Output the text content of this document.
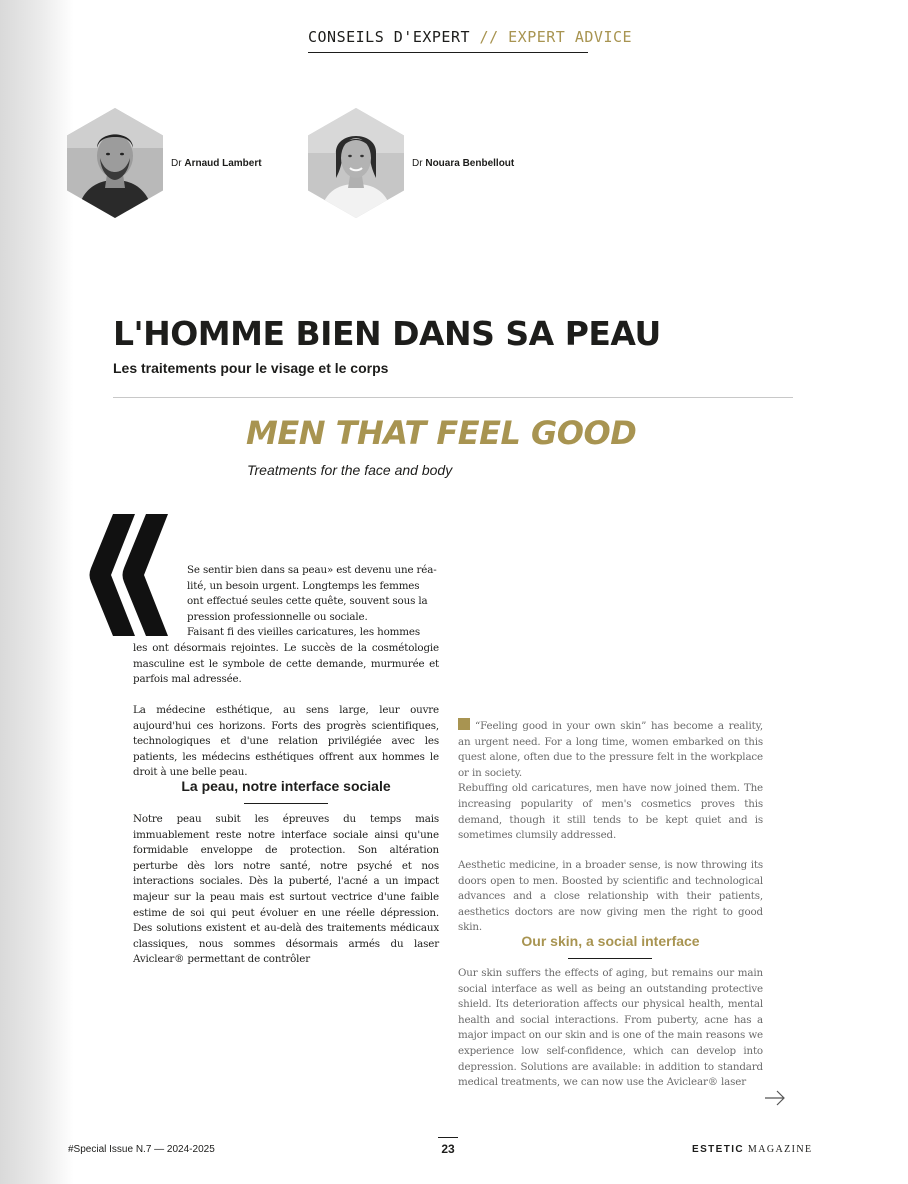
CONSEILS D'EXPERT // EXPERT ADVICE
Dr Arnaud Lambert	Dr Nouara Benbellout
L'HOMME BIEN DANS SA PEAU
Les traitements pour le visage et le corps
MEN THAT FEEL GOOD
Treatments for the face and body
Se sentir bien dans sa peau» est devenu une réa-
lité, un besoin urgent. Longtemps les femmes
ont effectué seules cette quête, souvent sous la
pression professionnelle ou sociale.
Faisant fi des vieilles caricatures, les hommes

les ont désormais rejointes. Le succès de la cosmétologie masculine est le symbole de cette demande, murmurée et parfois mal adressée.

La médecine esthétique, au sens large, leur ouvre aujourd'hui ces horizons. Forts des progrès scientifiques, technologiques et d'une relation privilégiée avec les patients, les médecins esthétiques offrent aux hommes le droit à une belle peau.

La peau, notre interface sociale

Notre peau subit les épreuves du temps mais immuablement reste notre interface sociale ainsi qu'une formidable enveloppe de protection. Son altération perturbe dès lors notre santé, notre psyché et nos interactions sociales. Dès la puberté, l'acné a un impact majeur sur la peau mais est surtout vectrice d'une faible estime de soi qui peut évoluer en une réelle dépression. Des solutions existent et au-delà des traitements médicaux classiques, nous sommes désormais armés du laser Aviclear® permettant de contrôler

“Feeling good in your own skin” has become a reality, an urgent need. For a long time, women embarked on this quest alone, often due to the pressure felt in the workplace or in society.

Rebuffing old caricatures, men have now joined them. The increasing popularity of men's cosmetics proves this demand, though it still tends to be kept quiet and is sometimes clumsily addressed.

Aesthetic medicine, in a broader sense, is now throwing its doors open to men. Boosted by scientific and technological advances and a close relationship with their patients, aesthetics doctors are now giving men the right to good skin.

Our skin, a social interface

Our skin suffers the effects of aging, but remains our main social interface as well as being an outstanding protective shield. Its deterioration affects our physical health, mental health and social interactions. From puberty, acne has a major impact on our skin and is one of the main reasons we experience low self-confidence, which can develop into depression. Solutions are available: in addition to standard medical treatments, we can now use the Aviclear® laser

#Special Issue N.7 — 2024-2025	23	ESTETIC MAGAZINE
